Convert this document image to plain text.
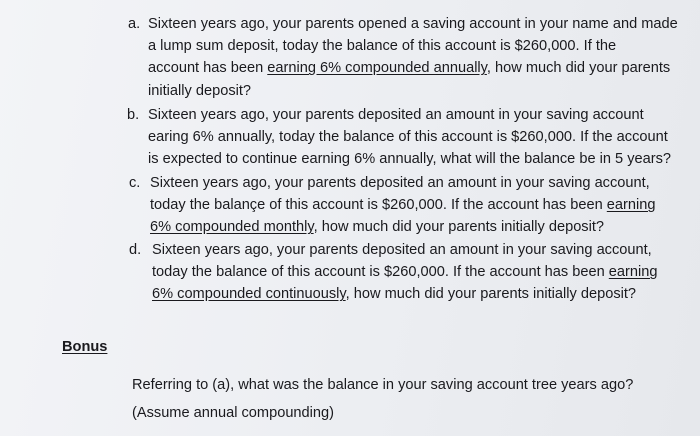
a. Sixteen years ago, your parents opened a saving account in your name and made
a lump sum deposit, today the balance of this account is $260,000. If the
account has been earning 6% compounded annually, how much did your parents
initially deposit?
b. Sixteen years ago, your parents deposited an amount in your saving account
earing 6% annually, today the balance of this account is $260,000. If the account
is expected to continue earning 6% annually, what will the balance be in 5 years?
c. Sixteen years ago, your parents deposited an amount in your saving account,
today the balançe of this account is $260,000. If the account has been earning
6% compounded monthly, how much did your parents initially deposit?
d. Sixteen years ago, your parents deposited an amount in your saving account,
today the balance of this account is $260,000. If the account has been earning
6% compounded continuously, how much did your parents initially deposit?
Bonus
Referring to (a), what was the balance in your saving account tree years ago?
(Assume annual compounding)
